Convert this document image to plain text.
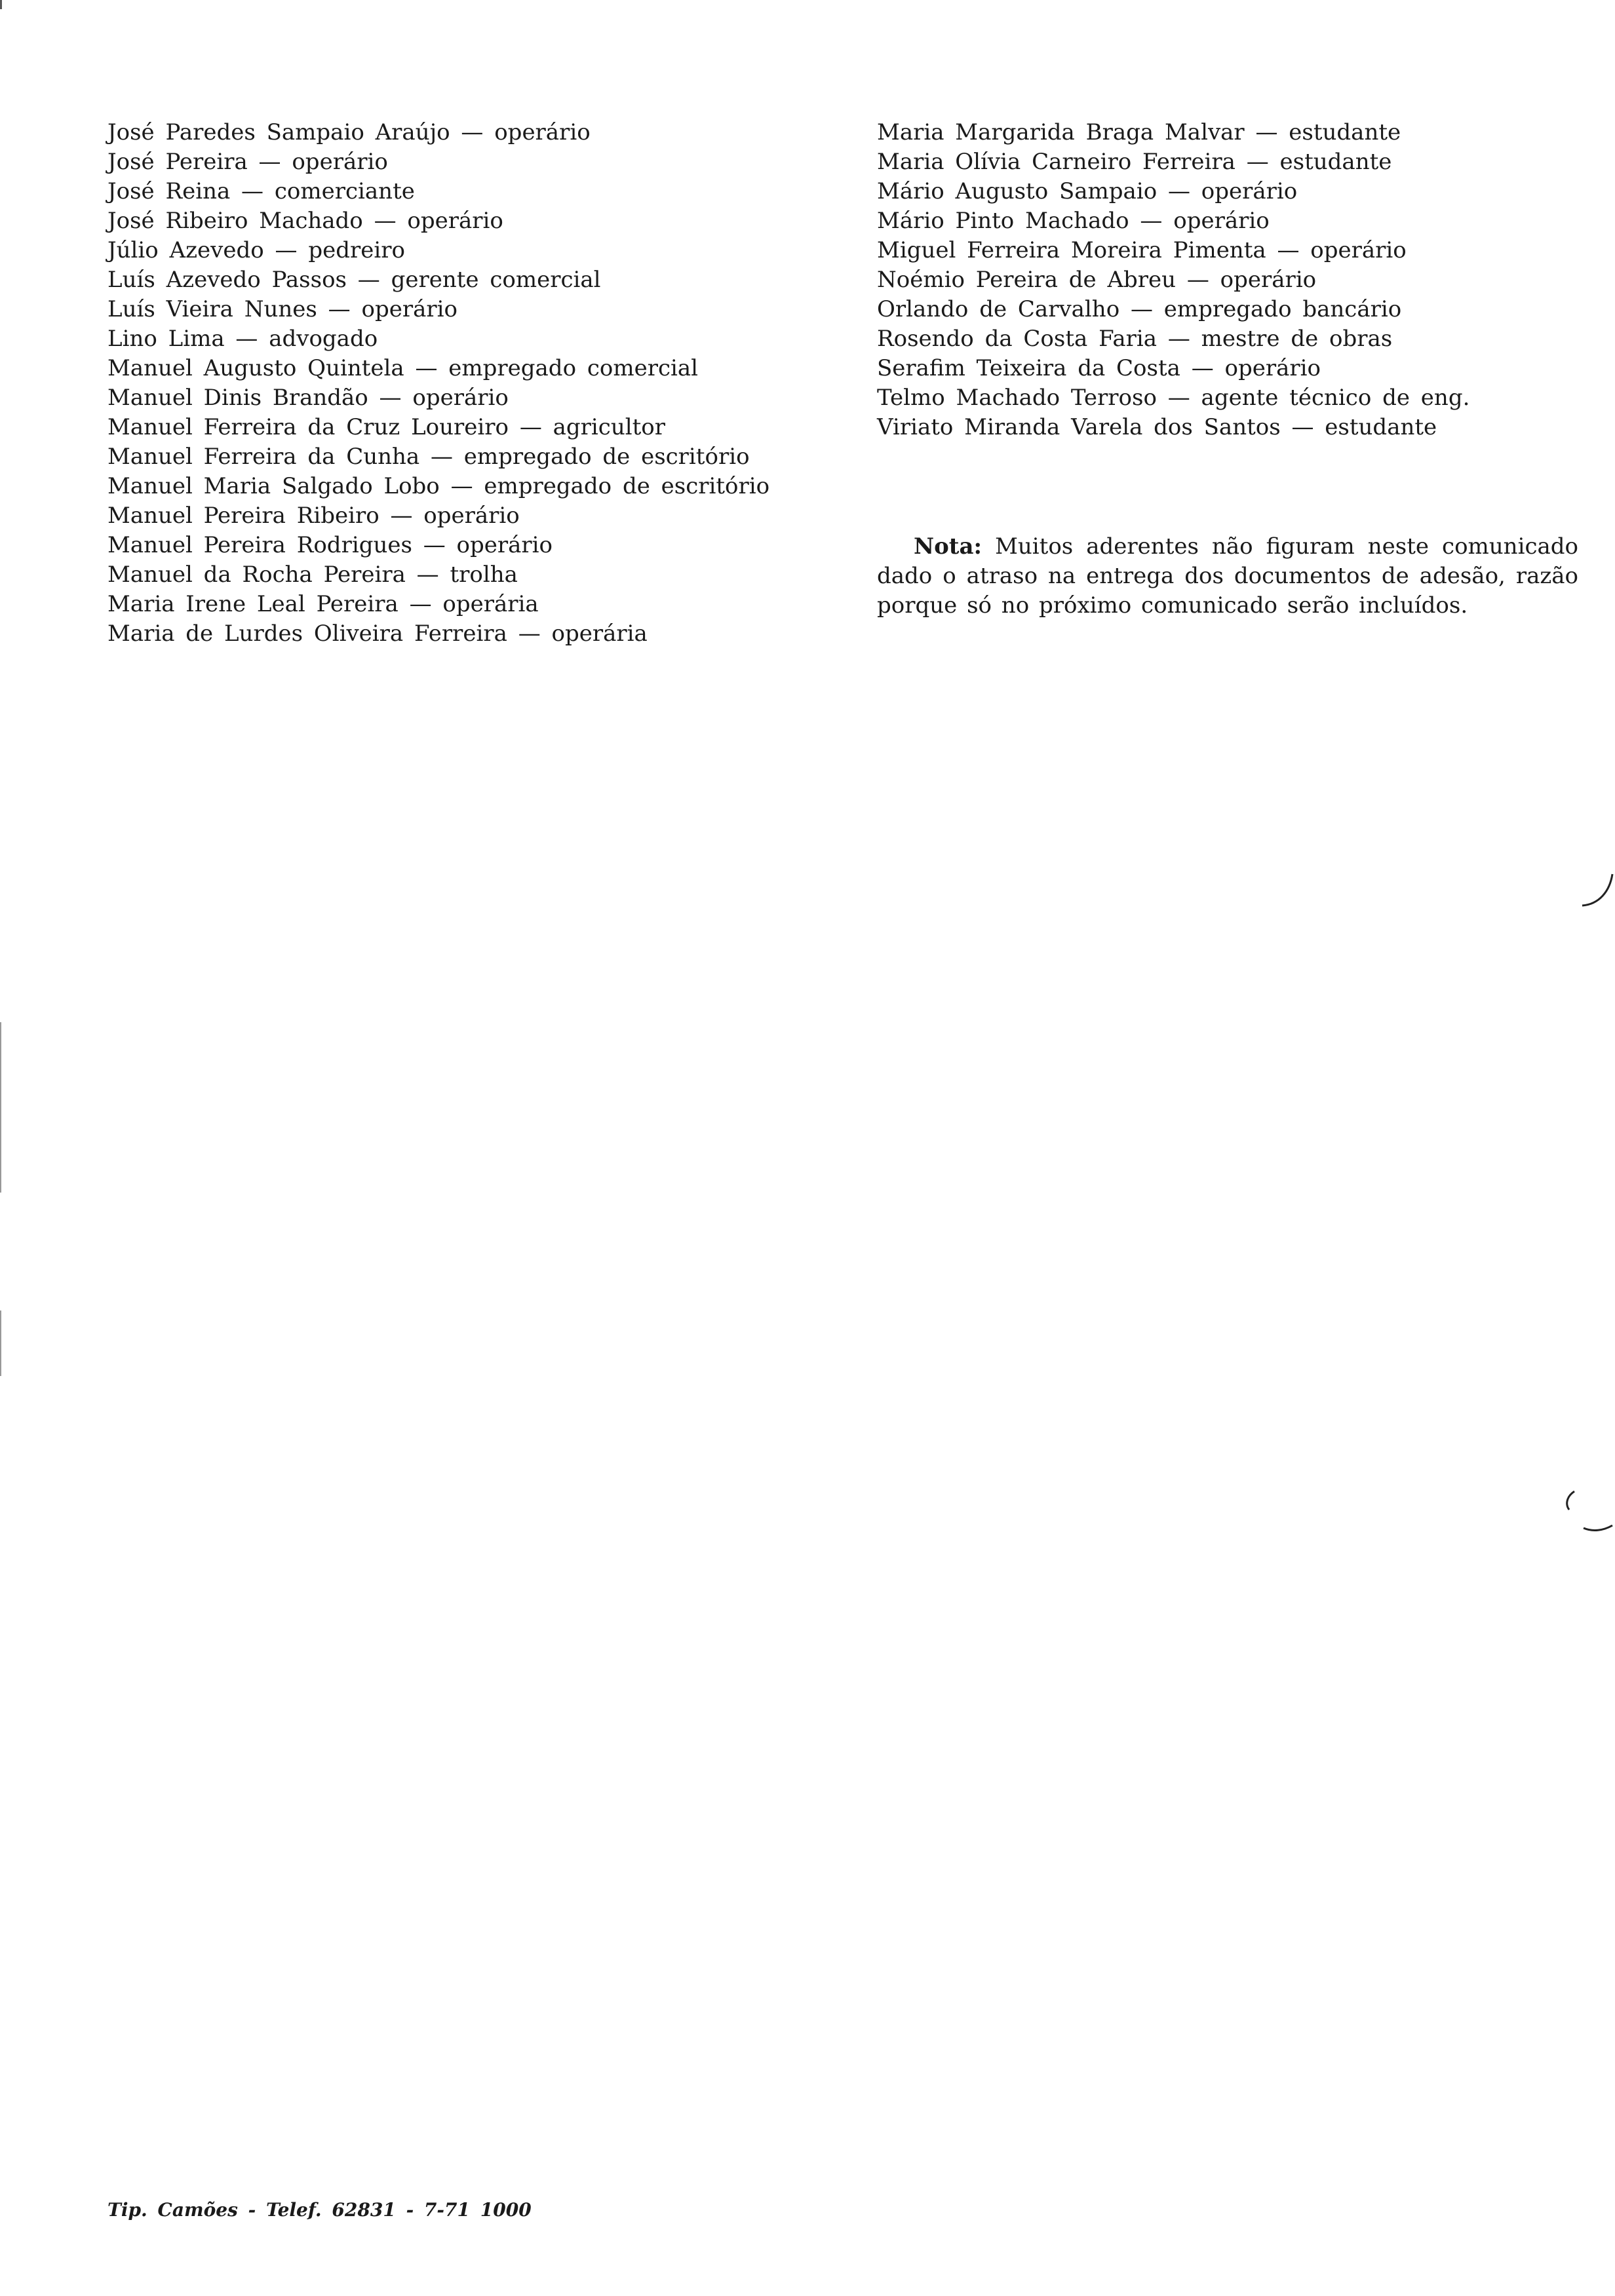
José Paredes Sampaio Araújo — operário
José Pereira — operário
José Reina — comerciante
José Ribeiro Machado — operário
Júlio Azevedo — pedreiro
Luís Azevedo Passos — gerente comercial
Luís Vieira Nunes — operário
Lino Lima — advogado
Manuel Augusto Quintela — empregado comercial
Manuel Dinis Brandão — operário
Manuel Ferreira da Cruz Loureiro — agricultor
Manuel Ferreira da Cunha — empregado de escritório
Manuel Maria Salgado Lobo — empregado de escritório
Manuel Pereira Ribeiro — operário
Manuel Pereira Rodrigues — operário
Manuel da Rocha Pereira — trolha
Maria Irene Leal Pereira — operária
Maria de Lurdes Oliveira Ferreira — operária
Maria Margarida Braga Malvar — estudante
Maria Olívia Carneiro Ferreira — estudante
Mário Augusto Sampaio — operário
Mário Pinto Machado — operário
Miguel Ferreira Moreira Pimenta — operário
Noémio Pereira de Abreu — operário
Orlando de Carvalho — empregado bancário
Rosendo da Costa Faria — mestre de obras
Serafim Teixeira da Costa — operário
Telmo Machado Terroso — agente técnico de eng.
Viriato Miranda Varela dos Santos — estudante

Nota: Muitos aderentes não figuram neste comunicado dado o atraso na entrega dos documentos de adesão, razão porque só no próximo comunicado serão incluídos.

Tip. Camões - Telef. 62831 - 7-71 1000
